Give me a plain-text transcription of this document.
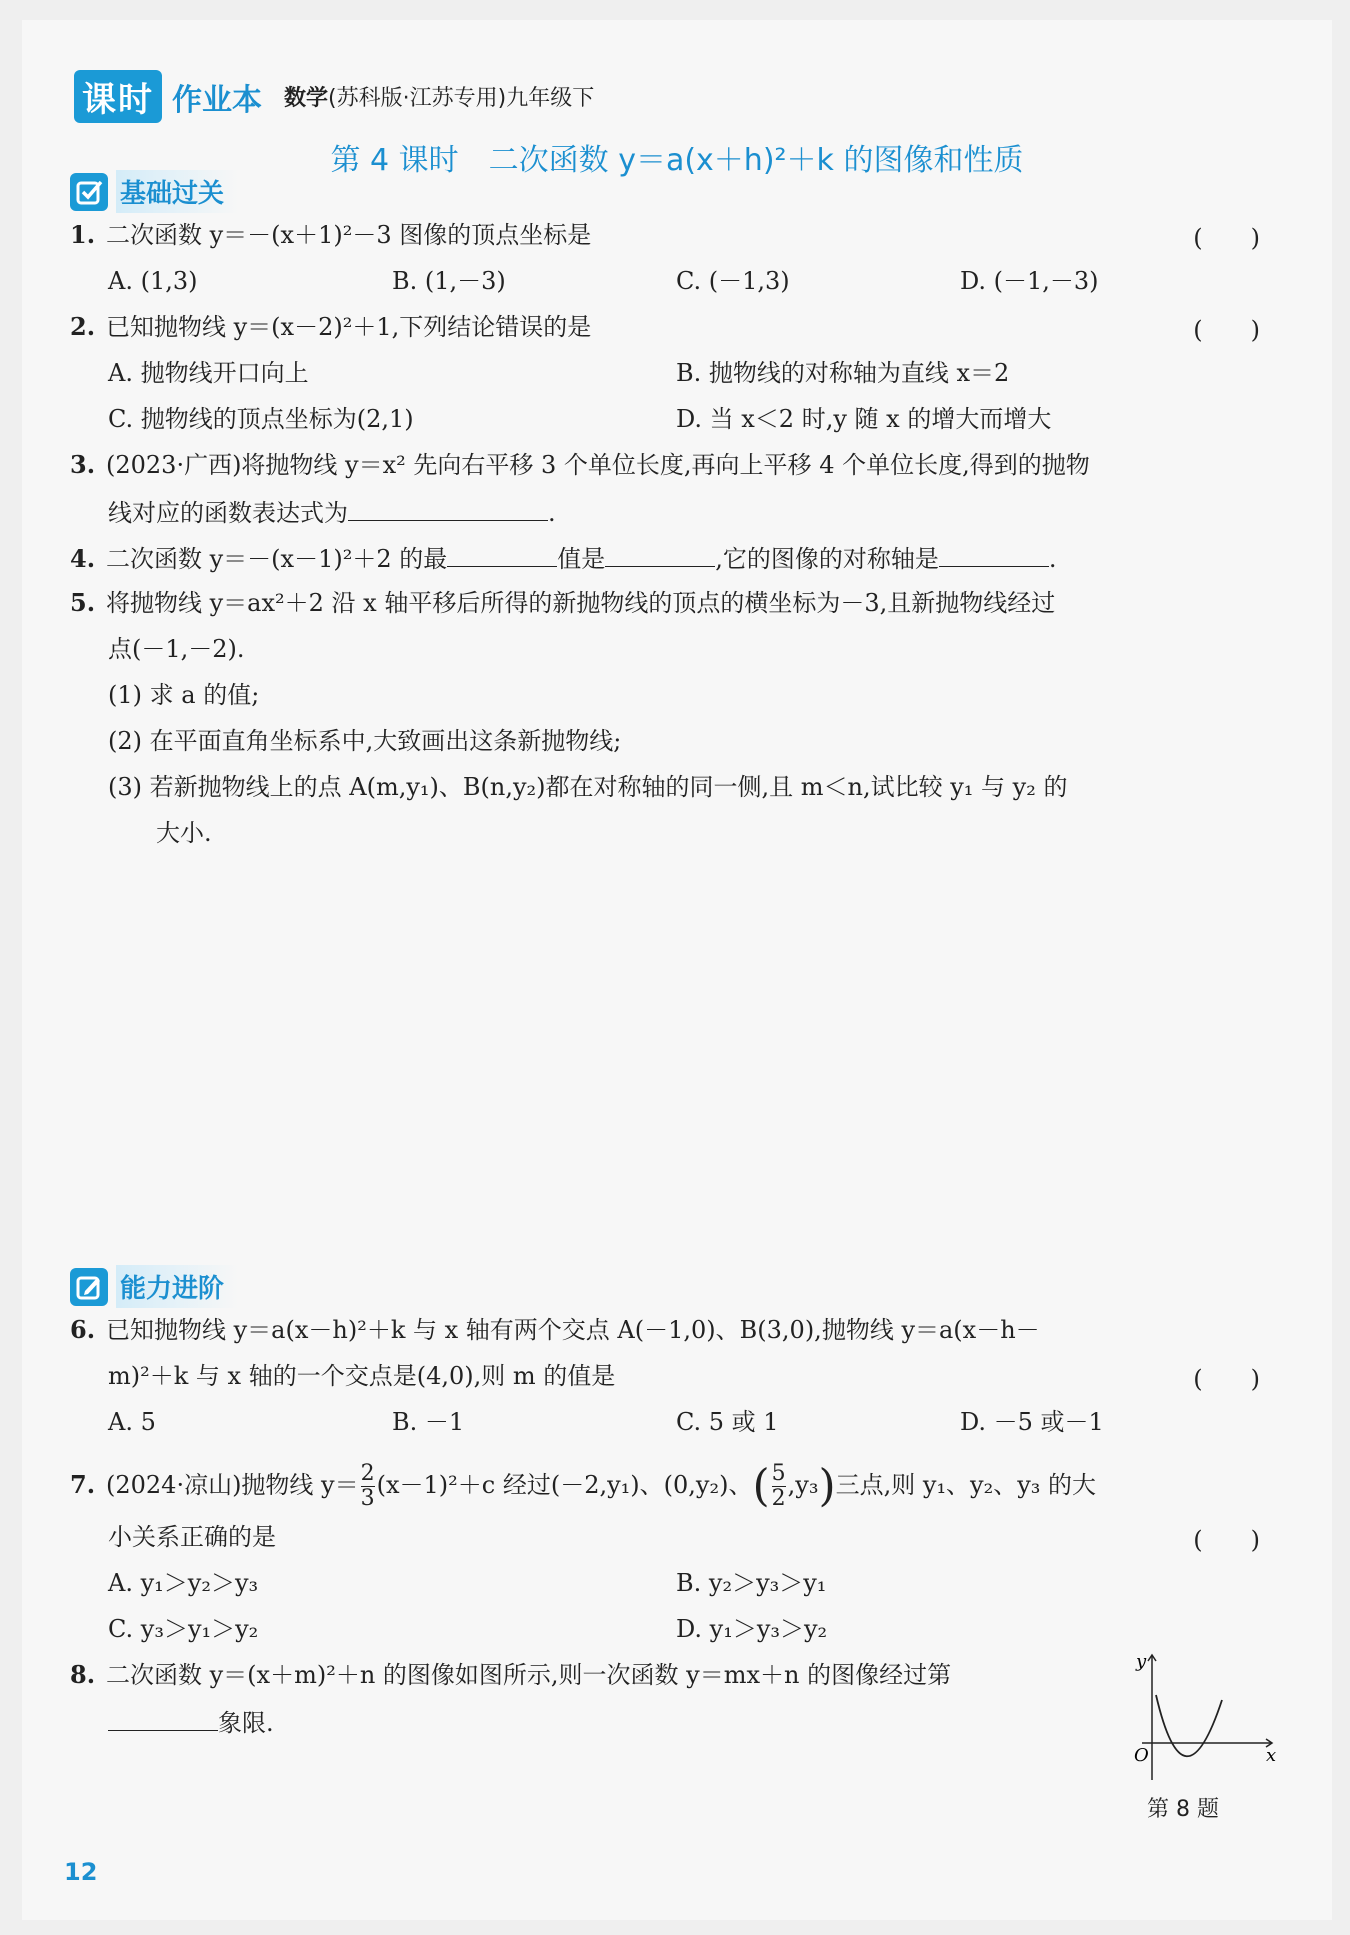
课时 作业本 数学(苏科版·江苏专用)九年级下
第 4 课时　二次函数 y＝a(x＋h)²＋k 的图像和性质
基础过关
1. 二次函数 y＝－(x＋1)²－3 图像的顶点坐标是	(　　)
A. (1,3)	B. (1,－3)	C. (－1,3)	D. (－1,－3)
2. 已知抛物线 y＝(x－2)²＋1,下列结论错误的是	(　　)
A. 抛物线开口向上	B. 抛物线的对称轴为直线 x＝2
C. 抛物线的顶点坐标为(2,1)	D. 当 x＜2 时,y 随 x 的增大而增大
3. (2023·广西)将抛物线 y＝x² 先向右平移 3 个单位长度,再向上平移 4 个单位长度,得到的抛物
线对应的函数表达式为	.
4. 二次函数 y＝－(x－1)²＋2 的最	值是	,它的图像的对称轴是	.
5. 将抛物线 y＝ax²＋2 沿 x 轴平移后所得的新抛物线的顶点的横坐标为－3,且新抛物线经过
点(－1,－2).
(1) 求 a 的值;
(2) 在平面直角坐标系中,大致画出这条新抛物线;
(3) 若新抛物线上的点 A(m,y₁)、B(n,y₂)都在对称轴的同一侧,且 m＜n,试比较 y₁ 与 y₂ 的
大小.
能力进阶
6. 已知抛物线 y＝a(x－h)²＋k 与 x 轴有两个交点 A(－1,0)、B(3,0),抛物线 y＝a(x－h－
m)²＋k 与 x 轴的一个交点是(4,0),则 m 的值是	(　　)
A. 5	B. －1	C. 5 或 1	D. －5 或－1
7. (2024·凉山)抛物线 $y= \frac{2}{3} (x-1)^2+c$ 经过(－2,y₁)、(0,y₂)、( $\frac{5}{2} ,y_3$)三点,则 y₁、y₂、y₃ 的大
小关系正确的是	(　　)
A. y₁＞y₂＞y₃	B. y₂＞y₃＞y₁
C. y₃＞y₁＞y₂	D. y₁＞y₃＞y₂
8. 二次函数 y＝(x＋m)²＋n 的图像如图所示,则一次函数 y＝mx＋n 的图像经过第
象限.
y
x
O
第 8 题
12
